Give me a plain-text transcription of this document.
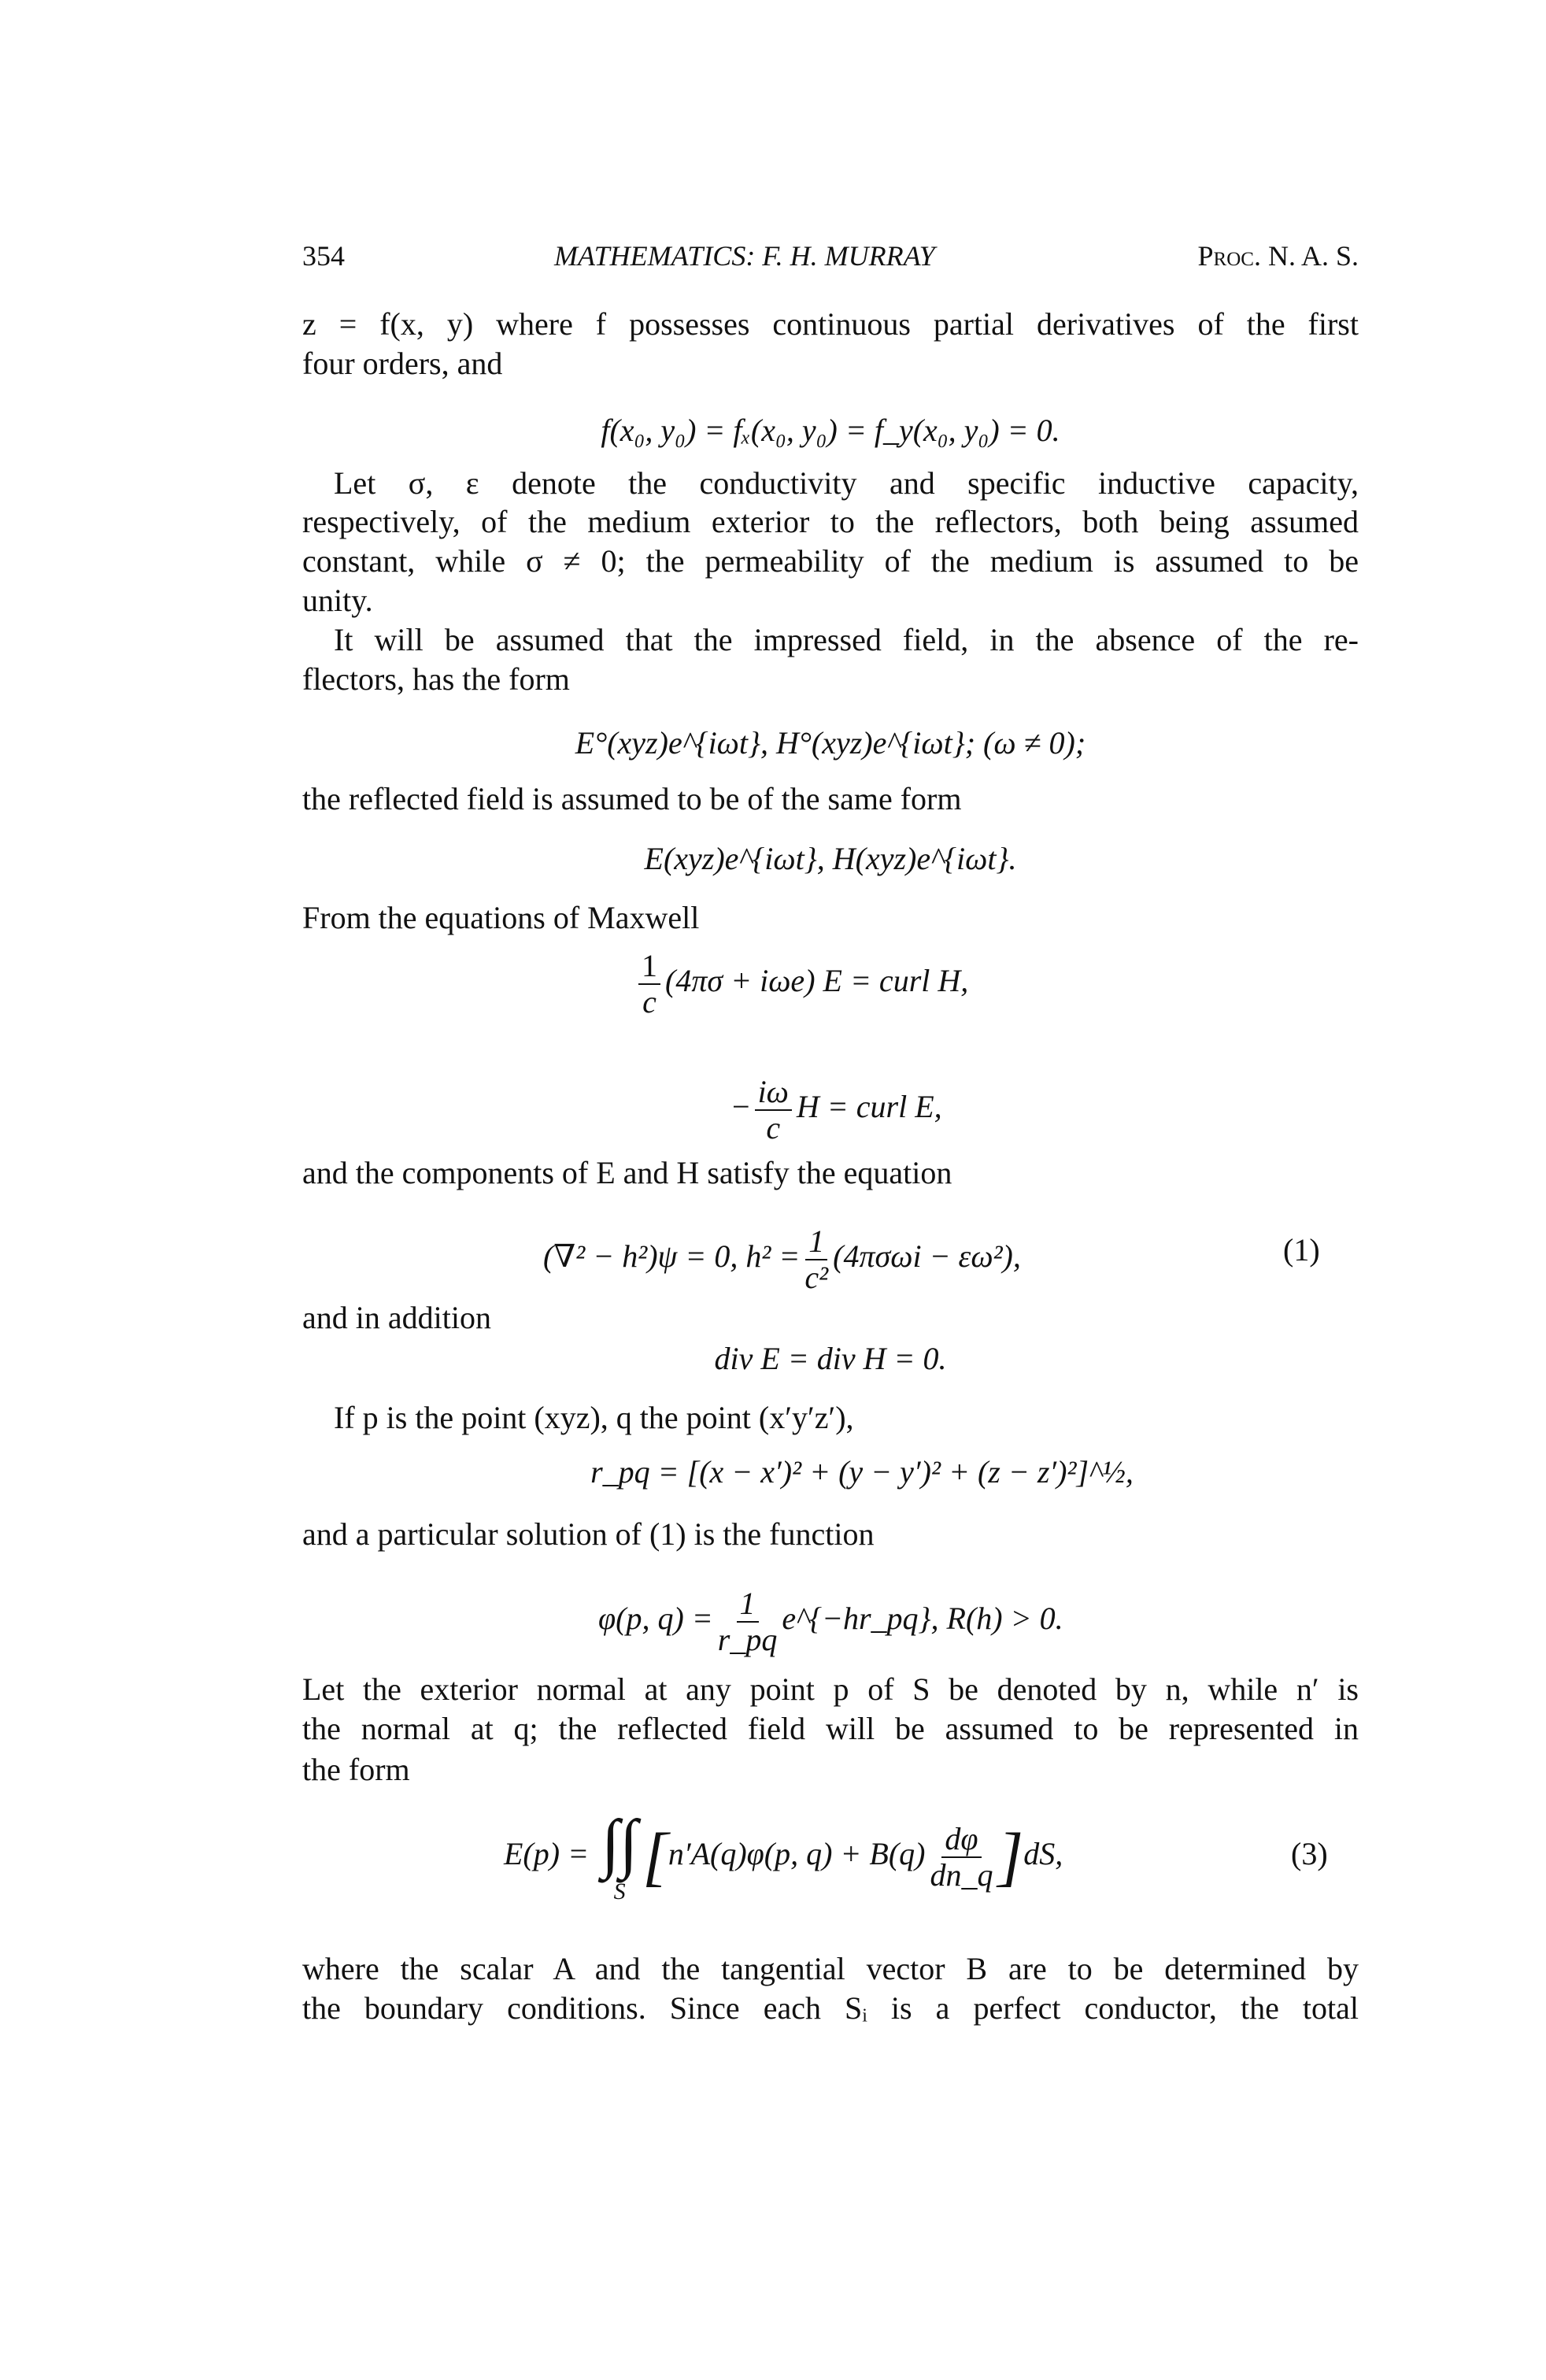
354	MATHEMATICS: F. H. MURRAY	Proc. N. A. S.
z = f(x, y) where f possesses continuous partial derivatives of the first
four orders, and
f(x₀, y₀) = fₓ(x₀, y₀) = f_y(x₀, y₀) = 0.
Let σ, ε denote the conductivity and specific inductive capacity,
respectively, of the medium exterior to the reflectors, both being assumed
constant, while σ ≠ 0; the permeability of the medium is assumed to be
unity.
It will be assumed that the impressed field, in the absence of the re-
flectors, has the form
E°(xyz)e^{iωt}, H°(xyz)e^{iωt}; (ω ≠ 0);
the reflected field is assumed to be of the same form
E(xyz)e^{iωt}, H(xyz)e^{iωt}.
From the equations of Maxwell
$\frac{1}{c} (4\pi\sigma + i\omega e) E$ = curl H,
− $\frac{i\omega}{c}$ H = curl E,
and the components of E and H satisfy the equation
(∇² − h²)ψ = 0, $h^2 = \frac{1}{\text{c²}} (4\pi\sigma\omega i - \varepsilon\omega^2)$,	(1)
and in addition
div E = div H = 0.
If p is the point (xyz), q the point (x′y′z′),
r_pq = [(x − x′)² + (y − y′)² + (z − z′)²]^½,
and a particular solution of (1) is the function
φ(p, $q) = \frac{1}{r\_pq}$ e^{−hr_pq}, R(h) > 0.
Let the exterior normal at any point p of S be denoted by n, while n′ is
the normal at q; the reflected field will be assumed to be represented in
the form
E(p) = ∫∫
S [n′A(q)φ(p, $q) + B(q) \frac{d\varphi}{dn\_q} ]dS$,	(3)
where the scalar A and the tangential vector B are to be determined by
the boundary conditions. Since each Sᵢ is a perfect conductor, the total
